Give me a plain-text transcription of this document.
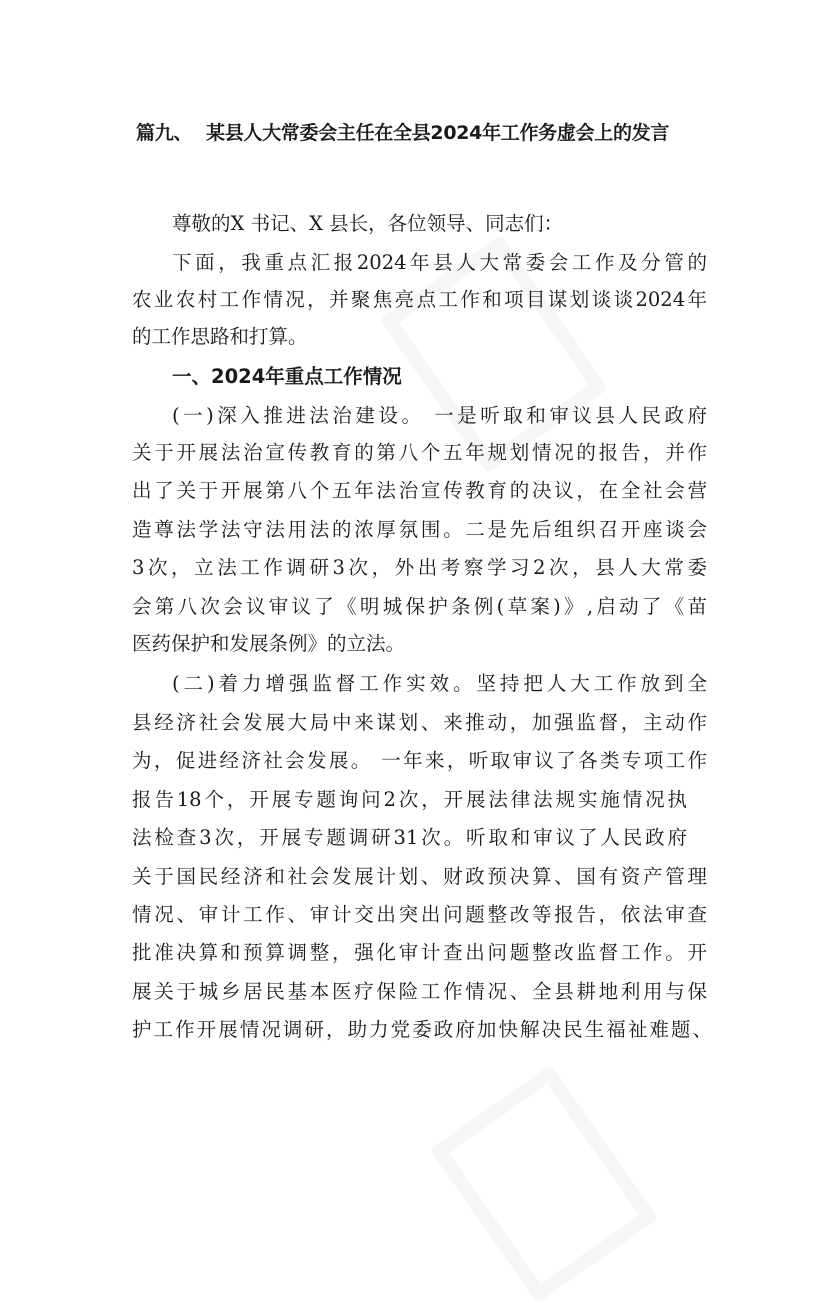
篇九、 某县人大常委会主任在全县2024年工作务虚会上的发言
尊敬的X 书记、X 县长，各位领导、同志们：
下面，我重点汇报2024年县人大常委会工作及分管的
农业农村工作情况，并聚焦亮点工作和项目谋划谈谈2024年
的工作思路和打算。
一、2024年重点工作情况
(一)深入推进法治建设。 一是听取和审议县人民政府
关于开展法治宣传教育的第八个五年规划情况的报告，并作
出了关于开展第八个五年法治宣传教育的决议，在全社会营
造尊法学法守法用法的浓厚氛围。二是先后组织召开座谈会
3次，立法工作调研3次，外出考察学习2次，县人大常委
会第八次会议审议了《明城保护条例(草案)》,启动了《苗
医药保护和发展条例》的立法。
(二)着力增强监督工作实效。坚持把人大工作放到全
县经济社会发展大局中来谋划、来推动，加强监督，主动作
为，促进经济社会发展。 一年来，听取审议了各类专项工作
报告18个，开展专题询问2次，开展法律法规实施情况执
法检查3次，开展专题调研31次。听取和审议了人民政府
关于国民经济和社会发展计划、财政预决算、国有资产管理
情况、审计工作、审计交出突出问题整改等报告，依法审查
批准决算和预算调整，强化审计查出问题整改监督工作。开
展关于城乡居民基本医疗保险工作情况、全县耕地利用与保
护工作开展情况调研，助力党委政府加快解决民生福祉难题、
